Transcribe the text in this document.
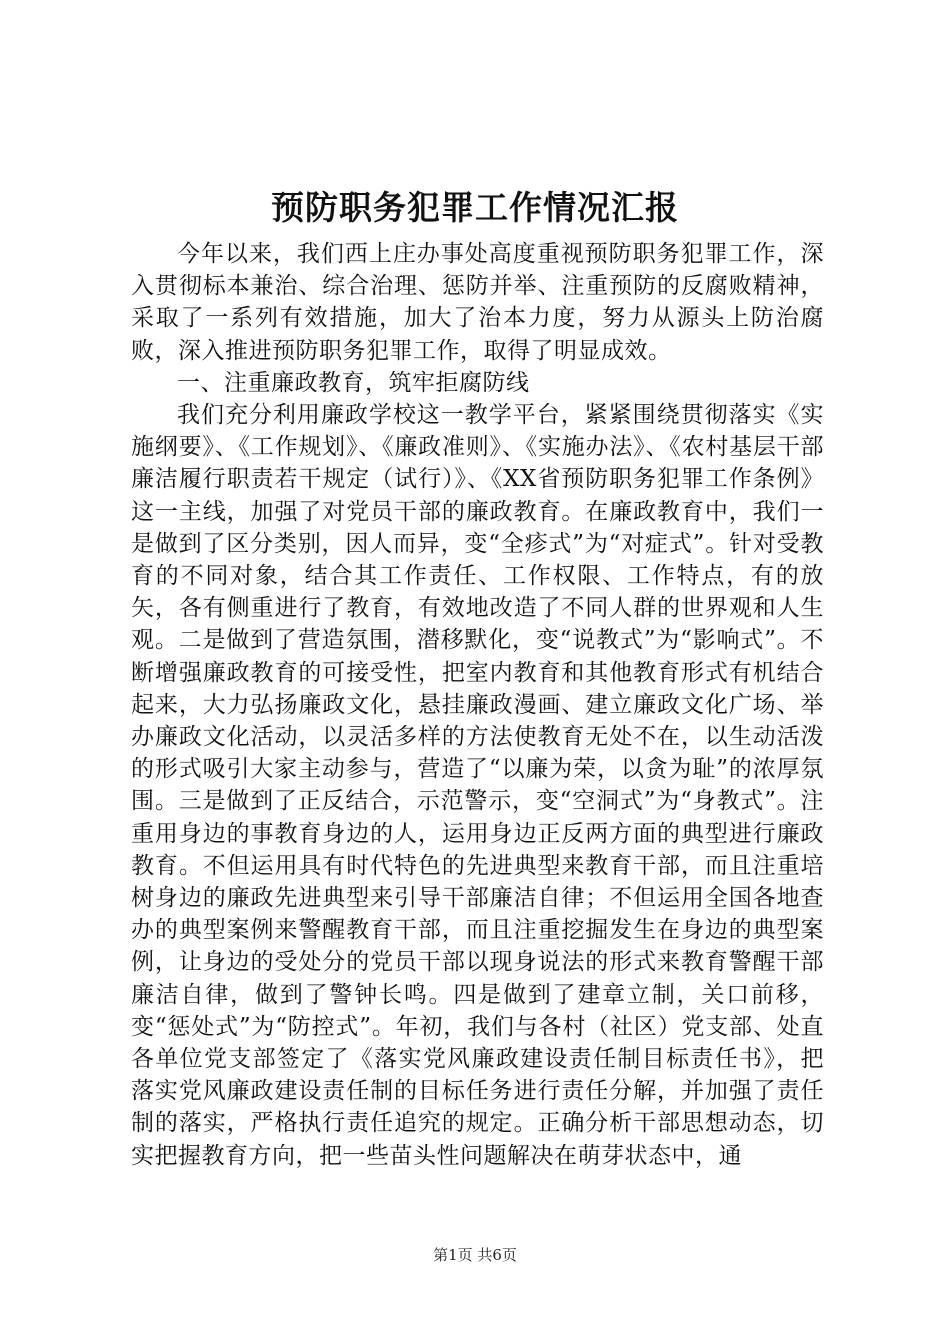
预防职务犯罪工作情况汇报

今年以来，我们西上庄办事处高度重视预防职务犯罪工作，深入贯彻标本兼治、综合治理、惩防并举、注重预防的反腐败精神，采取了一系列有效措施，加大了治本力度，努力从源头上防治腐败，深入推进预防职务犯罪工作，取得了明显成效。

一、注重廉政教育，筑牢拒腐防线

我们充分利用廉政学校这一教学平台，紧紧围绕贯彻落实《实施纲要》、《工作规划》、《廉政准则》、《实施办法》、《农村基层干部廉洁履行职责若干规定（试行）》、《XX省预防职务犯罪工作条例》这一主线，加强了对党员干部的廉政教育。在廉政教育中，我们一是做到了区分类别，因人而异，变“全疹式”为“对症式”。针对受教育的不同对象，结合其工作责任、工作权限、工作特点，有的放矢，各有侧重进行了教育，有效地改造了不同人群的世界观和人生观。二是做到了营造氛围，潜移默化，变“说教式”为“影响式”。不断增强廉政教育的可接受性，把室内教育和其他教育形式有机结合起来，大力弘扬廉政文化，悬挂廉政漫画、建立廉政文化广场、举办廉政文化活动，以灵活多样的方法使教育无处不在，以生动活泼的形式吸引大家主动参与，营造了“以廉为荣，以贪为耻”的浓厚氛围。三是做到了正反结合，示范警示，变“空洞式”为“身教式”。注重用身边的事教育身边的人，运用身边正反两方面的典型进行廉政教育。不但运用具有时代特色的先进典型来教育干部，而且注重培树身边的廉政先进典型来引导干部廉洁自律；不但运用全国各地查办的典型案例来警醒教育干部，而且注重挖掘发生在身边的典型案例，让身边的受处分的党员干部以现身说法的形式来教育警醒干部廉洁自律，做到了警钟长鸣。四是做到了建章立制，关口前移，变“惩处式”为“防控式”。年初，我们与各村（社区）党支部、处直各单位党支部签定了《落实党风廉政建设责任制目标责任书》，把落实党风廉政建设责任制的目标任务进行责任分解，并加强了责任制的落实，严格执行责任追究的规定。正确分析干部思想动态，切实把握教育方向，把一些苗头性问题解决在萌芽状态中，通

第1页 共6页
